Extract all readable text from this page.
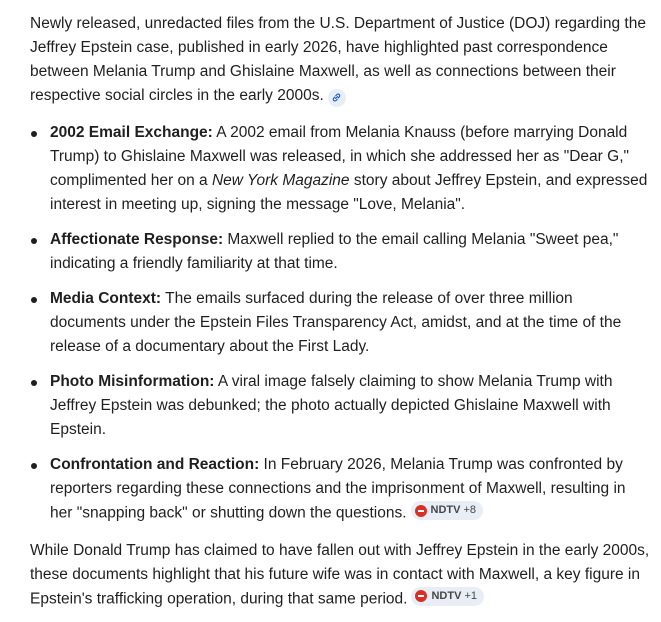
Newly released, unredacted files from the U.S. Department of Justice (DOJ) regarding the Jeffrey Epstein case, published in early 2026, have highlighted past correspondence between Melania Trump and Ghislaine Maxwell, as well as connections between their respective social circles in the early 2000s.

2002 Email Exchange: A 2002 email from Melania Knauss (before marrying Donald Trump) to Ghislaine Maxwell was released, in which she addressed her as "Dear G," complimented her on a New York Magazine story about Jeffrey Epstein, and expressed interest in meeting up, signing the message "Love, Melania".
Affectionate Response: Maxwell replied to the email calling Melania "Sweet pea," indicating a friendly familiarity at that time.
Media Context: The emails surfaced during the release of over three million documents under the Epstein Files Transparency Act, amidst, and at the time of the release of a documentary about the First Lady.
Photo Misinformation: A viral image falsely claiming to show Melania Trump with Jeffrey Epstein was debunked; the photo actually depicted Ghislaine Maxwell with Epstein.
Confrontation and Reaction: In February 2026, Melania Trump was confronted by reporters regarding these connections and the imprisonment of Maxwell, resulting in her "snapping back" or shutting down the questions. NDTV +8

While Donald Trump has claimed to have fallen out with Jeffrey Epstein in the early 2000s, these documents highlight that his future wife was in contact with Maxwell, a key figure in Epstein's trafficking operation, during that same period. NDTV +1
